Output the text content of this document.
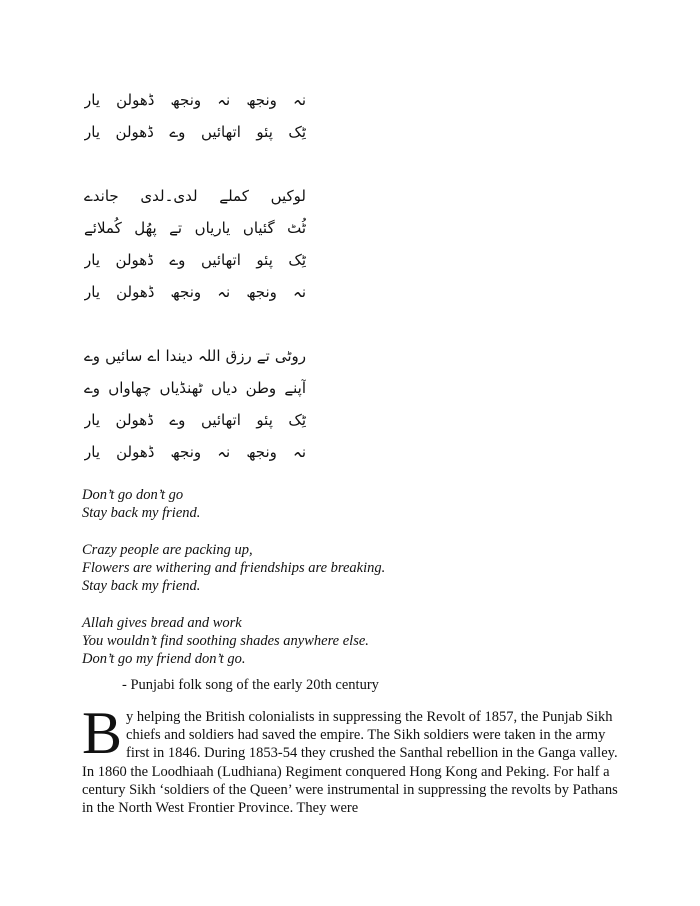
نہ ونجھ نہ ونجھ ڈھولن یار
ٹِک پئو اتھائیں وے ڈھولن یار
لوکیں کملے لدی۔لدی جاندے
ٹُٹ گئیاں یاریاں تے پھُل کُملائے
ٹِک پئو اتھائیں وے ڈھولن یار
نہ ونجھ نہ ونجھ ڈھولن یار
روٹی تے رزق اللہ دیندا اے سائیں وے
آپنے وطن دیاں ٹھنڈیاں چھاواں وے
ٹِک پئو اتھائیں وے ڈھولن یار
نہ ونجھ نہ ونجھ ڈھولن یار
Don’t go don’t go
Stay back my friend.
Crazy people are packing up,
Flowers are withering and friendships are breaking.
Stay back my friend.
Allah gives bread and work
You wouldn’t find soothing shades anywhere else.
Don’t go my friend don’t go.
- Punjabi folk song of the early 20th century

By helping the British colonialists in suppressing the Revolt of 1857, the Punjab Sikh chiefs and soldiers had saved the empire. The Sikh soldiers were taken in the army first in 1846. During 1853-54 they crushed the Santhal rebellion in the Ganga valley. In 1860 the Loodhiaah (Ludhiana) Regiment conquered Hong Kong and Peking. For half a century Sikh ‘soldiers of the Queen’ were instrumental in suppressing the revolts by Pathans in the North West Frontier Province. They were
